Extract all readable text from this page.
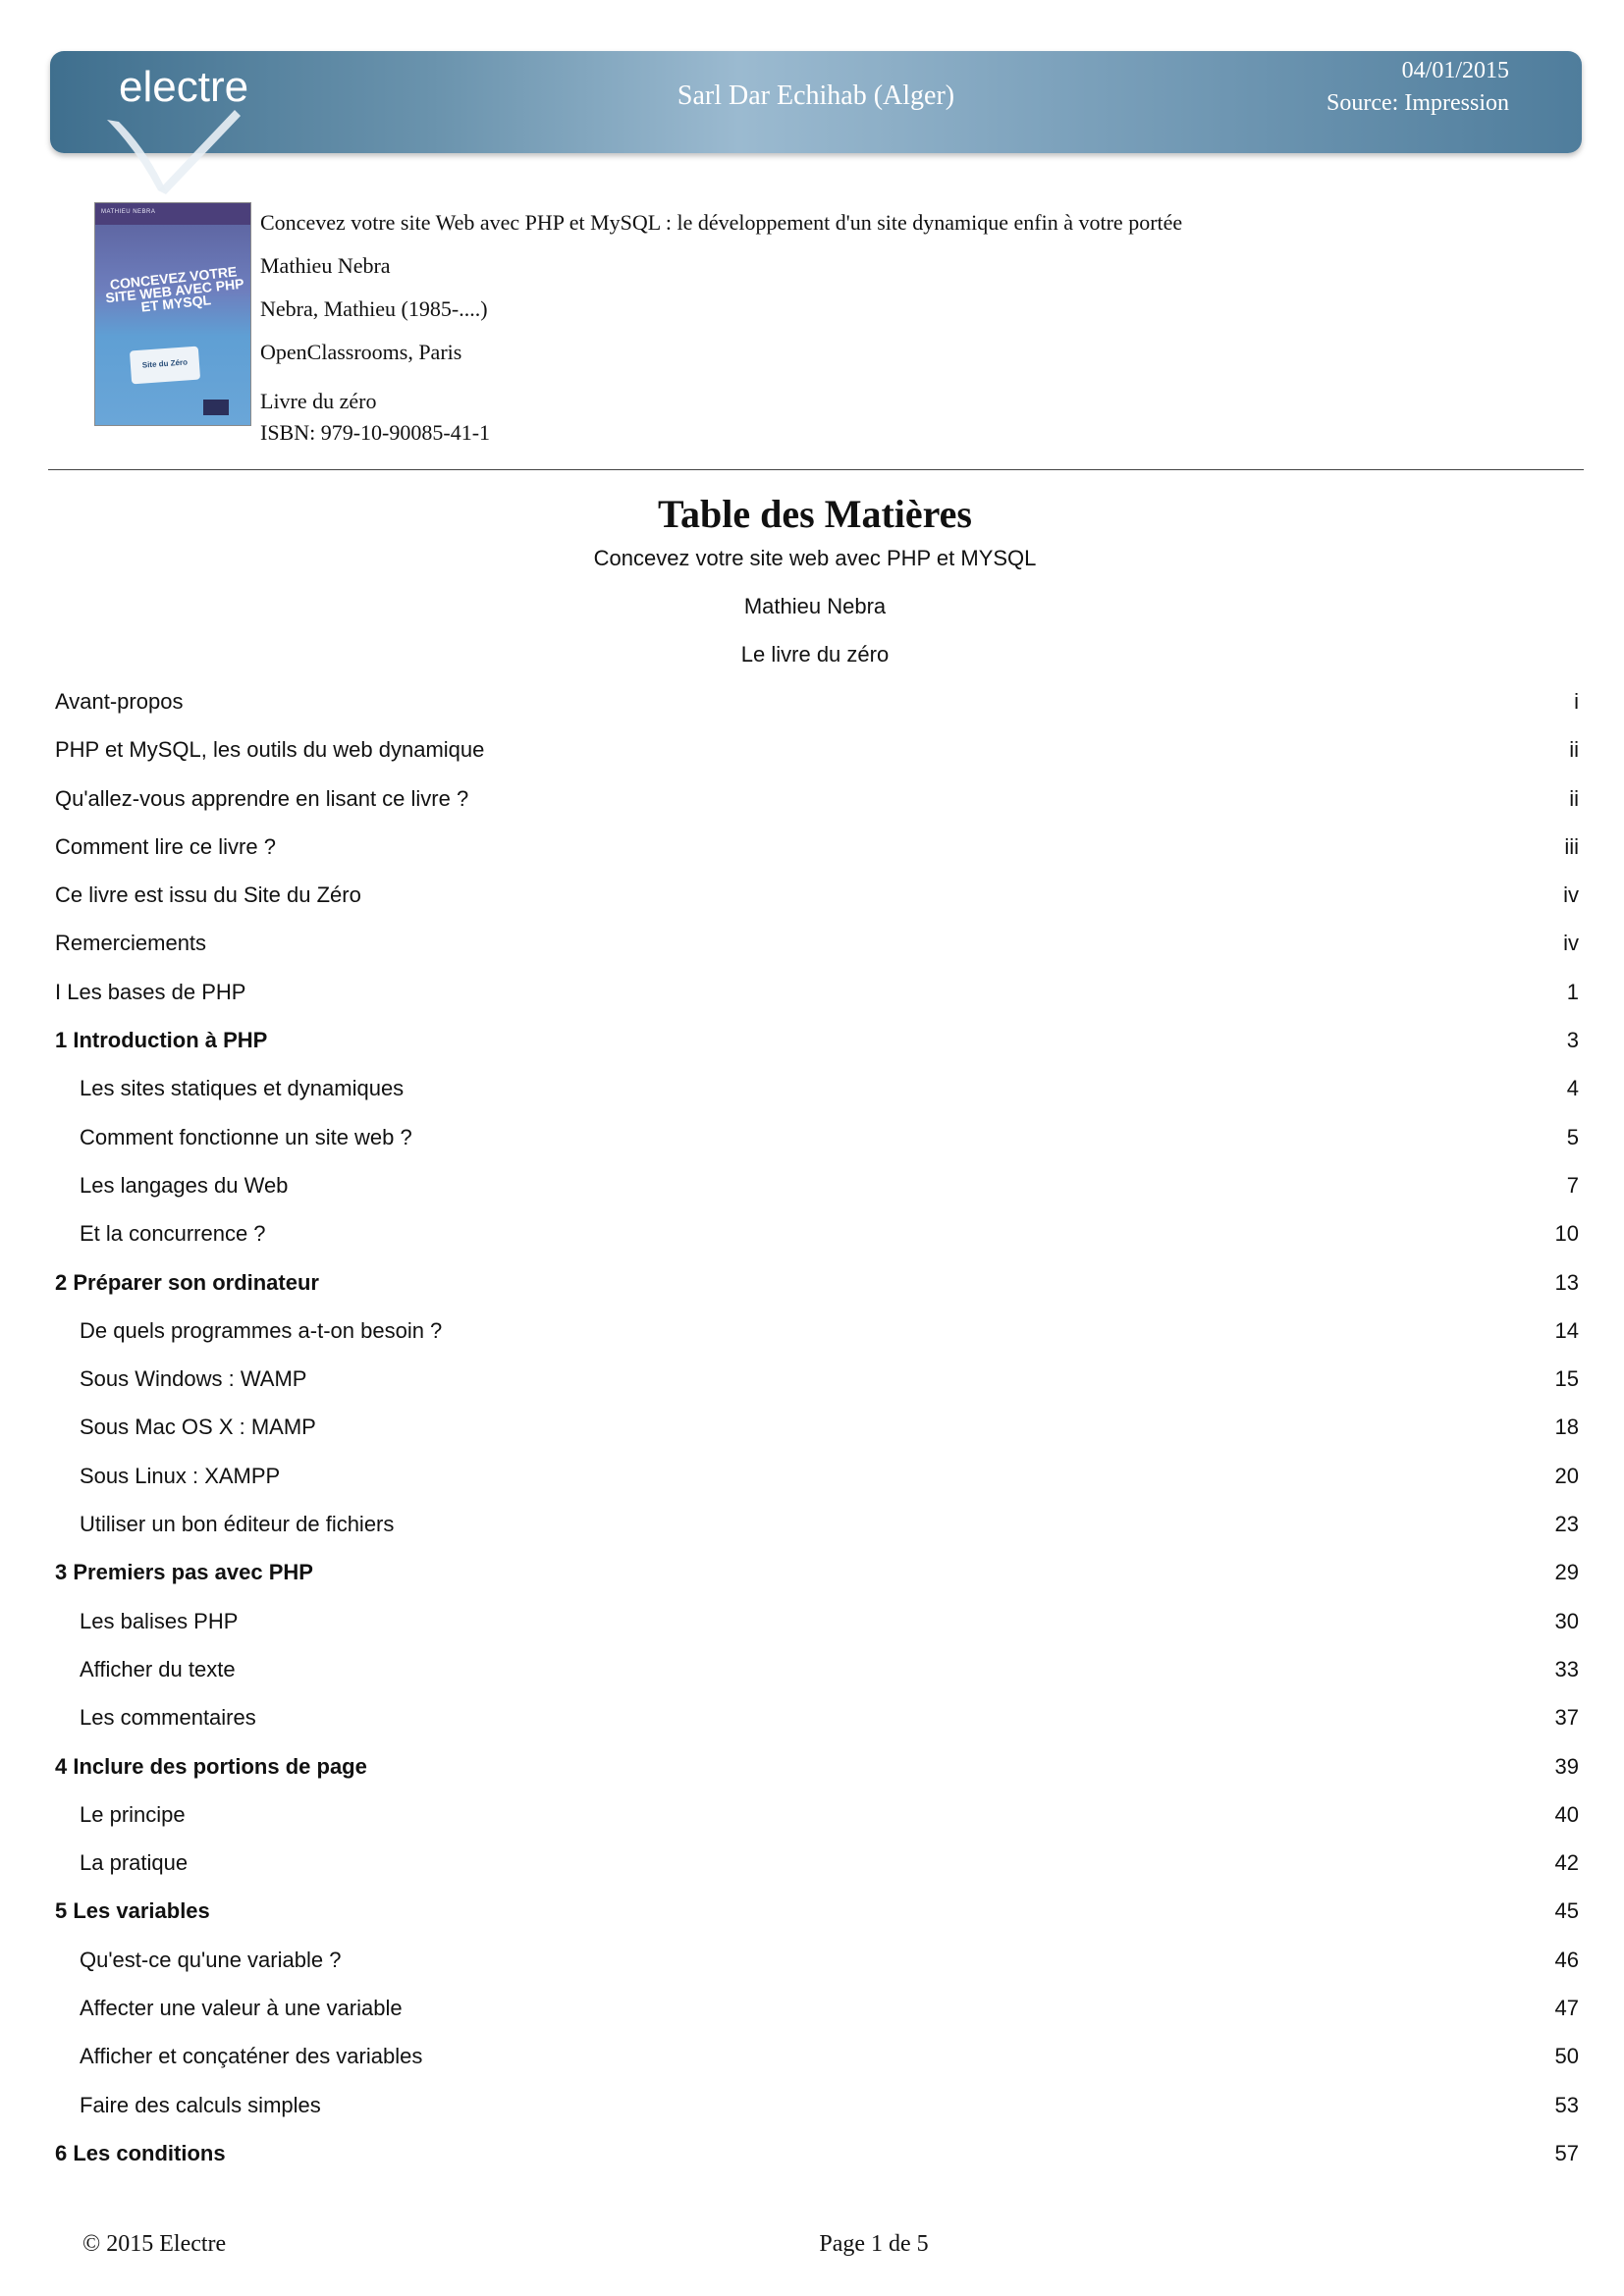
electre	Sarl Dar Echihab (Alger)
04/01/2015
Source: Impression
MATHIEU NEBRA
CONCEVEZ VOTRE SITE WEB AVEC PHP ET MYSQL
Site du Zéro
Concevez votre site Web avec PHP et MySQL : le développement d'un site dynamique enfin à votre portée
Mathieu Nebra
Nebra, Mathieu (1985-....)
OpenClassrooms, Paris
Livre du zéro
ISBN: 979-10-90085-41-1
Table des Matières
Concevez votre site web avec PHP et MYSQL
Mathieu Nebra
Le livre du zéro
Avant-propos	i
PHP et MySQL, les outils du web dynamique	ii
Qu'allez-vous apprendre en lisant ce livre ?	ii
Comment lire ce livre ?	iii
Ce livre est issu du Site du Zéro	iv
Remerciements	iv
I Les bases de PHP	1
1 Introduction à PHP	3
Les sites statiques et dynamiques	4
Comment fonctionne un site web ?	5
Les langages du Web	7
Et la concurrence ?	10
2 Préparer son ordinateur	13
De quels programmes a-t-on besoin ?	14
Sous Windows : WAMP	15
Sous Mac OS X : MAMP	18
Sous Linux : XAMPP	20
Utiliser un bon éditeur de fichiers	23
3 Premiers pas avec PHP	29
Les balises PHP	30
Afficher du texte	33
Les commentaires	37
4 Inclure des portions de page	39
Le principe	40
La pratique	42
5 Les variables	45
Qu'est-ce qu'une variable ?	46
Affecter une valeur à une variable	47
Afficher et conçaténer des variables	50
Faire des calculs simples	53
6 Les conditions	57
© 2015 Electre	Page 1 de 5
